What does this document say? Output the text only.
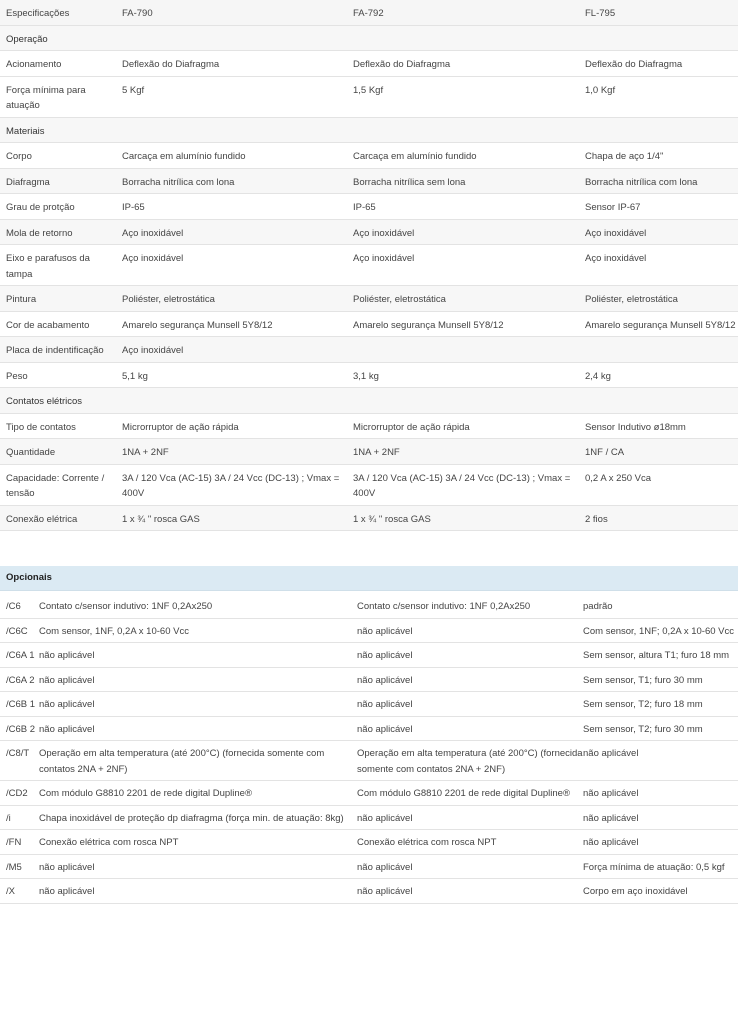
Especificações	FA-790	FA-792	FL-795
Operação			
Acionamento	Deflexão do Diafragma	Deflexão do Diafragma	Deflexão do Diafragma
Força mínima para atuação	5 Kgf	1,5 Kgf	1,0 Kgf
Materiais			
Corpo	Carcaça em alumínio fundido	Carcaça em alumínio fundido	Chapa de aço 1/4"
Diafragma	Borracha nitrílica com lona	Borracha nitrílica sem lona	Borracha nitrílica com lona
Grau de protção	IP-65	IP-65	Sensor IP-67
Mola de retorno	Aço inoxidável	Aço inoxidável	Aço inoxidável
Eixo e parafusos da tampa	Aço inoxidável	Aço inoxidável	Aço inoxidável
Pintura	Poliéster, eletrostática	Poliéster, eletrostática	Poliéster, eletrostática
Cor de acabamento	Amarelo segurança Munsell 5Y8/12	Amarelo segurança Munsell 5Y8/12	Amarelo segurança Munsell 5Y8/12
Placa de indentificação	Aço inoxidável		
Peso	5,1 kg	3,1 kg	2,4 kg
Contatos elétricos			
Tipo de contatos	Microrruptor de ação rápida	Microrruptor de ação rápida	Sensor Indutivo ø18mm
Quantidade	1NA + 2NF	1NA + 2NF	1NF / CA
Capacidade: Corrente / tensão	3A / 120 Vca (AC-15) 3A / 24 Vcc (DC-13) ; Vmax = 400V	3A / 120 Vca (AC-15) 3A / 24 Vcc (DC-13) ; Vmax = 400V	0,2 A x 250 Vca
Conexão elétrica	1 x ¾ " rosca GAS	1 x ¾ " rosca GAS	2 fios
Opcionais
/C6	Contato c/sensor indutivo: 1NF 0,2Ax250	Contato c/sensor indutivo: 1NF 0,2Ax250	padrão
/C6C	Com sensor, 1NF, 0,2A x 10-60 Vcc	não aplicável	Com sensor, 1NF; 0,2A x 10-60 Vcc
/C6A 1	não aplicável	não aplicável	Sem sensor, altura T1; furo 18 mm
/C6A 2	não aplicável	não aplicável	Sem sensor, T1; furo 30 mm
/C6B 1	não aplicável	não aplicável	Sem sensor, T2; furo 18 mm
/C6B 2	não aplicável	não aplicável	Sem sensor, T2; furo 30 mm
/C8/T	Operação em alta temperatura (até 200°C) (fornecida somente com contatos 2NA + 2NF)	Operação em alta temperatura (até 200°C) (fornecida somente com contatos 2NA + 2NF)	não aplicável
/CD2	Com módulo G8810 2201 de rede digital Dupline®	Com módulo G8810 2201 de rede digital Dupline®	não aplicável
/i	Chapa inoxidável de proteção dp diafragma (força min. de atuação: 8kg)	não aplicável	não aplicável
/FN	Conexão elétrica com rosca NPT	Conexão elétrica com rosca NPT	não aplicável
/M5	não aplicável	não aplicável	Força mínima de atuação: 0,5 kgf
/X	não aplicável	não aplicável	Corpo em aço inoxidável
